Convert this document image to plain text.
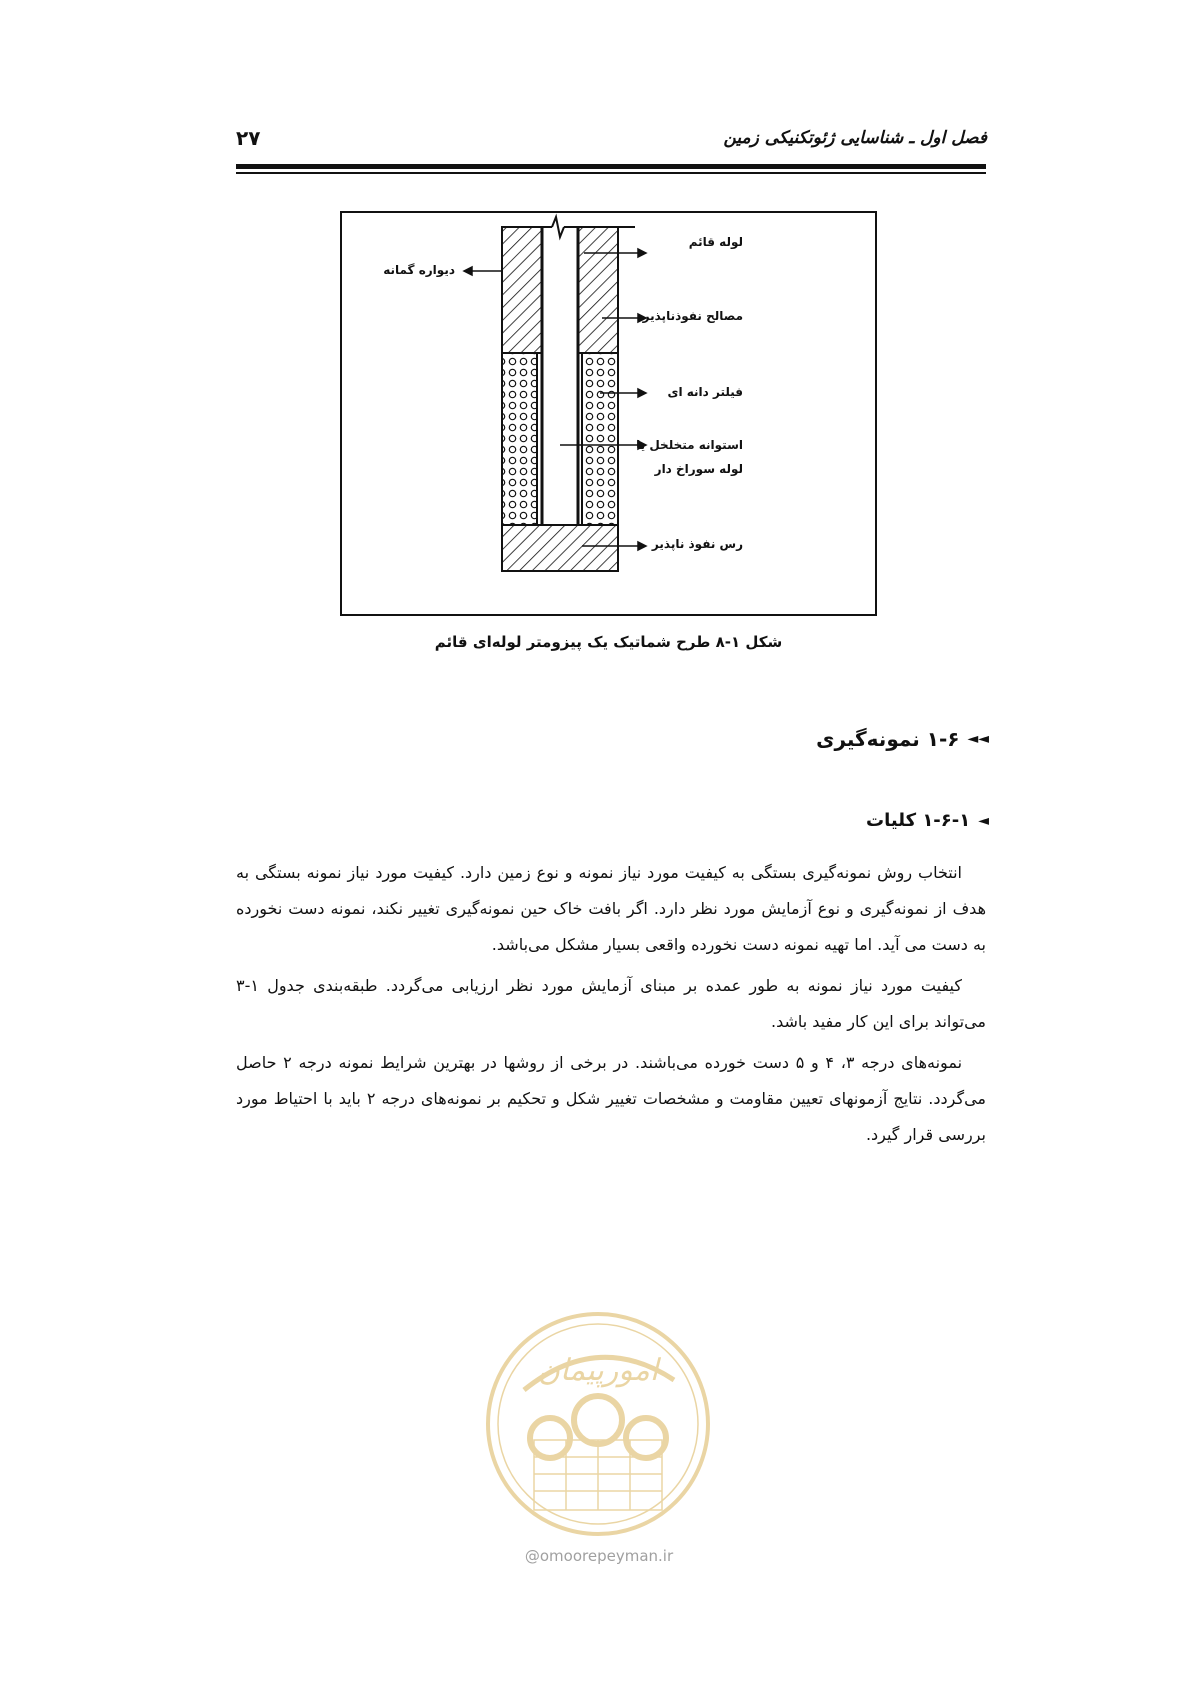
فصل اول ـ شناسایی ژئوتکنیکی زمین
۲۷
لوله قائم
دیواره گمانه
مصالح نفوذناپذیر
فیلتر دانه ای
استوانه متخلخل یا
لوله سوراخ دار
رس نفوذ ناپذیر
شکل ۱-۸ طرح شماتیک یک پیزومتر لوله‌ای قائم
◄◄
۱-۶ نمونه‌گیری
◄
۱-۶-۱ کلیات

انتخاب روش نمونه‌گیری بستگی به کیفیت مورد نیاز نمونه و نوع زمین دارد. کیفیت مورد نیاز نمونه بستگی به هدف از نمونه‌گیری و نوع آزمایش مورد نظر دارد. اگر بافت خاک حین نمونه‌گیری تغییر نکند، نمونه دست نخورده به دست می آید. اما تهیه نمونه دست نخورده واقعی بسیار مشکل می‌باشد.

کیفیت مورد نیاز نمونه به طور عمده بر مبنای آزمایش مورد نظر ارزیابی می‌گردد. طبقه‌بندی جدول ۱-۳ می‌تواند برای این کار مفید باشد.

نمونه‌های درجه ۳، ۴ و ۵ دست خورده می‌باشند. در برخی از روشها در بهترین شرایط نمونه درجه ۲ حاصل می‌گردد. نتایج آزمونهای تعیین مقاومت و مشخصات تغییر شکل و تحکیم بر نمونه‌های درجه ۲ باید با احتیاط مورد بررسی قرار گیرد.

امورپیمان
@omoorepeyman.ir
